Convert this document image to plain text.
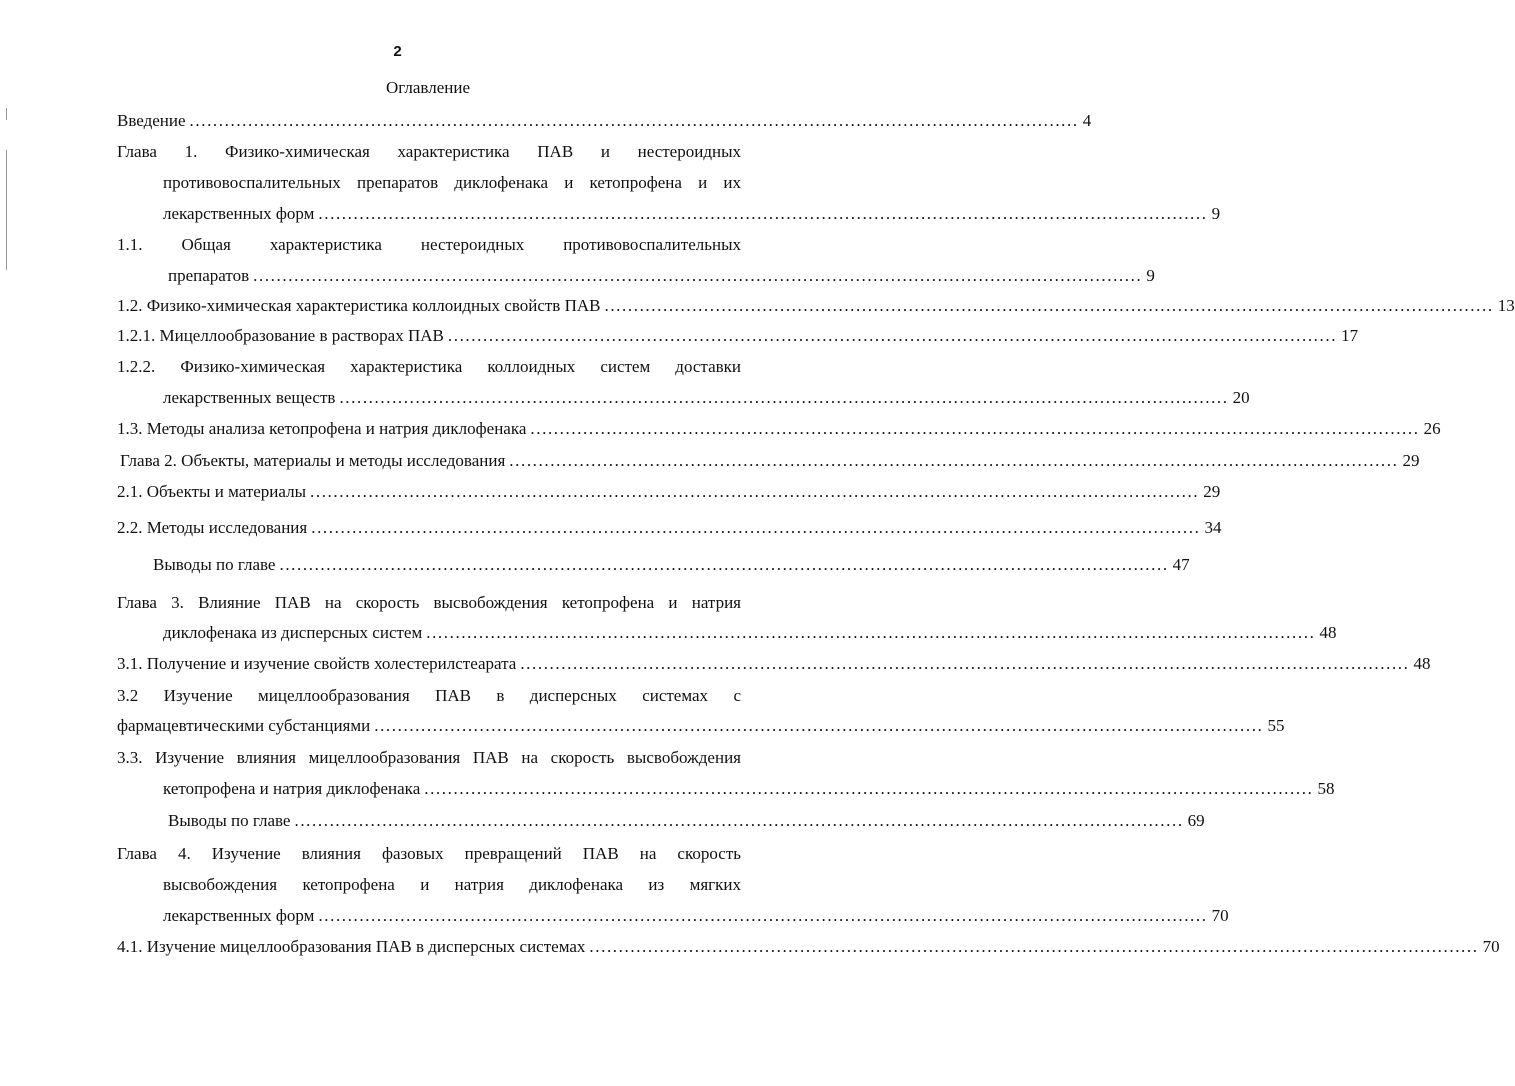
2
Оглавление
Введение ........................................................................................................................................................ 4
Глава 1. Физико-химическая характеристика ПАВ и нестероидных
противовоспалительных препаратов диклофенака и кетопрофена и их
лекарственных форм ........................................................................................................................................................ 9
1.1. Общая характеристика нестероидных противовоспалительных
препаратов ........................................................................................................................................................ 9
1.2. Физико-химическая характеристика коллоидных свойств ПАВ ........................................................................................................................................................ 13
1.2.1. Мицеллообразование в растворах ПАВ ........................................................................................................................................................ 17
1.2.2. Физико-химическая характеристика коллоидных систем доставки
лекарственных веществ ........................................................................................................................................................ 20
1.3. Методы анализа кетопрофена и натрия диклофенака ........................................................................................................................................................ 26
Глава 2. Объекты, материалы и методы исследования ........................................................................................................................................................ 29
2.1. Объекты и материалы ........................................................................................................................................................ 29
2.2. Методы исследования ........................................................................................................................................................ 34
Выводы по главе ........................................................................................................................................................ 47
Глава 3. Влияние ПАВ на скорость высвобождения кетопрофена и натрия
диклофенака из дисперсных систем ........................................................................................................................................................ 48
3.1. Получение и изучение свойств холестерилстеарата ........................................................................................................................................................ 48
3.2 Изучение мицеллообразования ПАВ в дисперсных системах с
фармацевтическими субстанциями ........................................................................................................................................................ 55
3.3. Изучение влияния мицеллообразования ПАВ на скорость высвобождения
кетопрофена и натрия диклофенака ........................................................................................................................................................ 58
Выводы по главе ........................................................................................................................................................ 69
Глава 4. Изучение влияния фазовых превращений ПАВ на скорость
высвобождения кетопрофена и натрия диклофенака из мягких
лекарственных форм ........................................................................................................................................................ 70
4.1. Изучение мицеллообразования ПАВ в дисперсных системах ........................................................................................................................................................ 70
